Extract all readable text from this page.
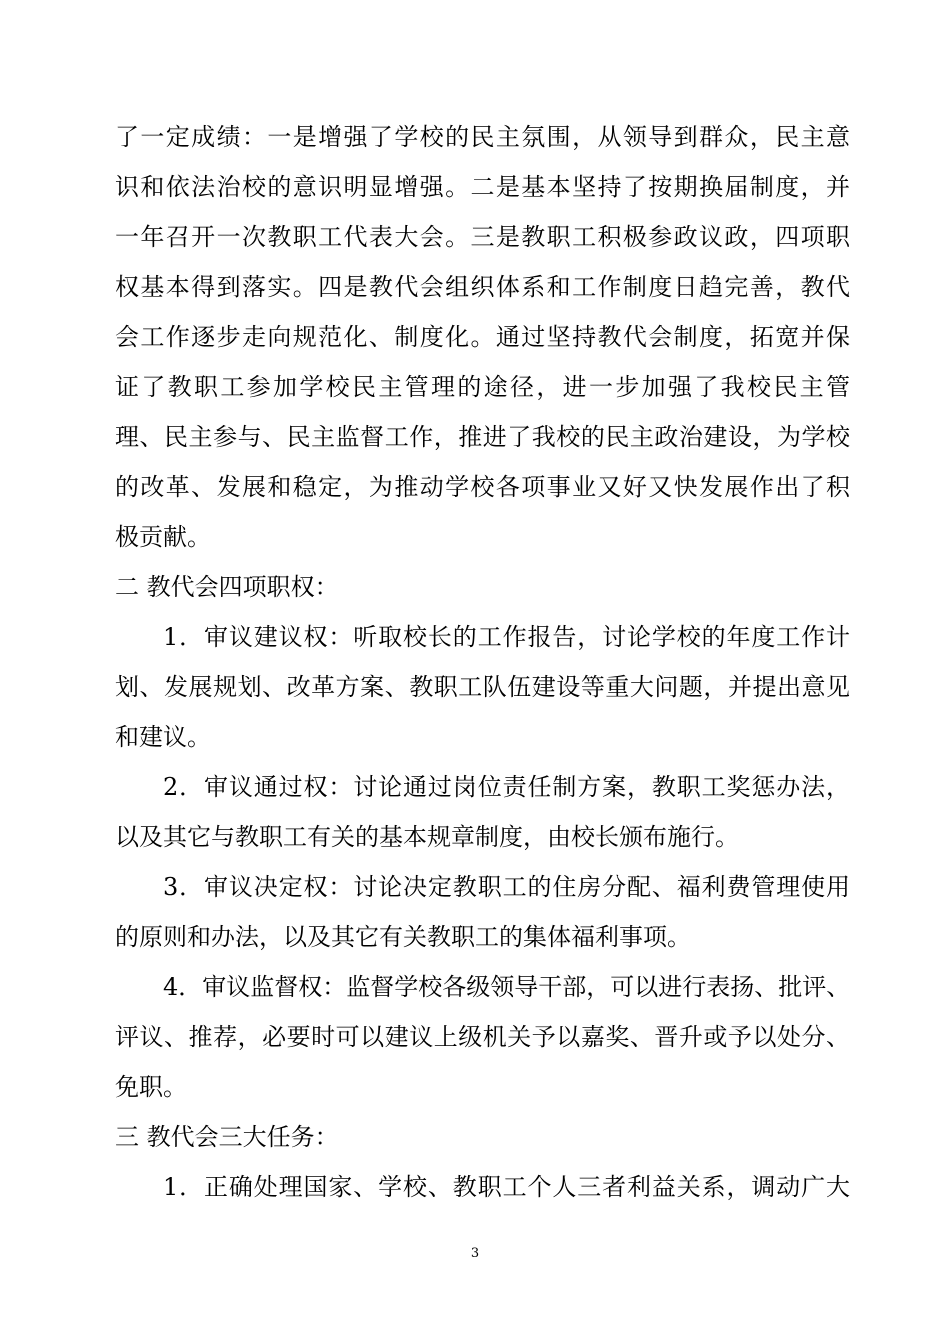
了一定成绩：一是增强了学校的民主氛围，从领导到群众，民主意
识和依法治校的意识明显增强。二是基本坚持了按期换届制度，并
一年召开一次教职工代表大会。三是教职工积极参政议政，四项职
权基本得到落实。四是教代会组织体系和工作制度日趋完善，教代
会工作逐步走向规范化、制度化。通过坚持教代会制度，拓宽并保
证了教职工参加学校民主管理的途径，进一步加强了我校民主管
理、民主参与、民主监督工作，推进了我校的民主政治建设，为学校
的改革、发展和稳定，为推动学校各项事业又好又快发展作出了积
极贡献。
二 教代会四项职权：
1．审议建议权：听取校长的工作报告，讨论学校的年度工作计
划、发展规划、改革方案、教职工队伍建设等重大问题，并提出意见
和建议。
2．审议通过权：讨论通过岗位责任制方案，教职工奖惩办法，
以及其它与教职工有关的基本规章制度，由校长颁布施行。
3．审议决定权：讨论决定教职工的住房分配、福利费管理使用
的原则和办法，以及其它有关教职工的集体福利事项。
4．审议监督权：监督学校各级领导干部，可以进行表扬、批评、
评议、推荐，必要时可以建议上级机关予以嘉奖、晋升或予以处分、
免职。
三 教代会三大任务：
1．正确处理国家、学校、教职工个人三者利益关系，调动广大
3
